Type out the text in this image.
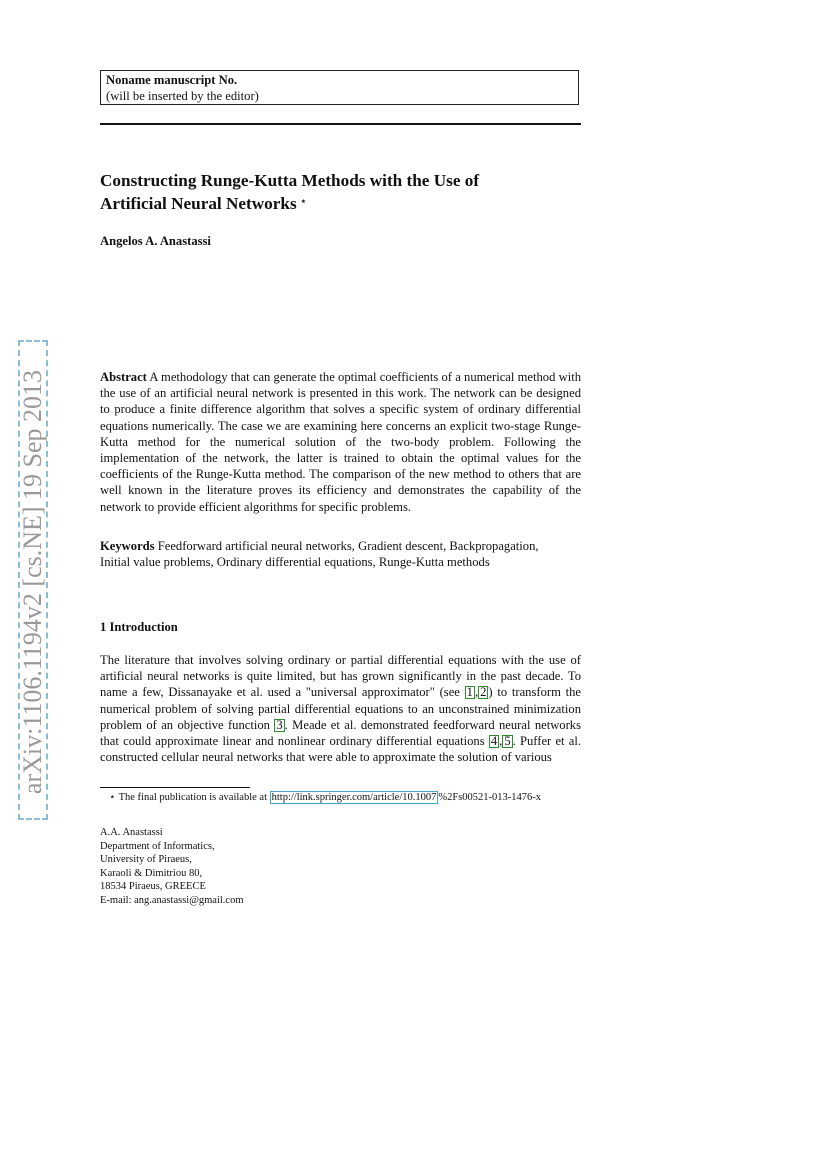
Noname manuscript No.
(will be inserted by the editor)
Constructing Runge-Kutta Methods with the Use of
Artificial Neural Networks ⋆
Angelos A. Anastassi
Abstract A methodology that can generate the optimal coefficients of a numerical method with the use of an artificial neural network is presented in this work. The network can be designed to produce a finite difference algorithm that solves a specific system of ordinary differential equations numerically. The case we are examining here concerns an explicit two-stage Runge-Kutta method for the numerical solution of the two-body problem. Following the implementation of the network, the latter is trained to obtain the optimal values for the coefficients of the Runge-Kutta method. The comparison of the new method to others that are well known in the literature proves its efficiency and demonstrates the capability of the network to provide efficient algorithms for specific problems.
Keywords Feedforward artificial neural networks, Gradient descent, Backpropagation, Initial value problems, Ordinary differential equations, Runge-Kutta methods
1 Introduction
The literature that involves solving ordinary or partial differential equations with the use of artificial neural networks is quite limited, but has grown significantly in the past decade. To name a few, Dissanayake et al. used a "universal approximator" (see 1 , 2 ) to transform the numerical problem of solving partial differential equations to an unconstrained minimization problem of an objective function 3 . Meade et al. demonstrated feedforward neural networks that could approximate linear and nonlinear ordinary differential equations 4 , 5 . Puffer et al. constructed cellular neural networks that were able to approximate the solution of various
⋆ The final publication is available at http://link.springer.com/article/10.1007 %2Fs00521-013-1476-x
A.A. Anastassi
Department of Informatics,
University of Piraeus,
Karaoli & Dimitriou 80,
18534 Piraeus, GREECE
E-mail: ang.anastassi@gmail.com
arXiv:1106.1194v2 [cs.NE] 19 Sep 2013
